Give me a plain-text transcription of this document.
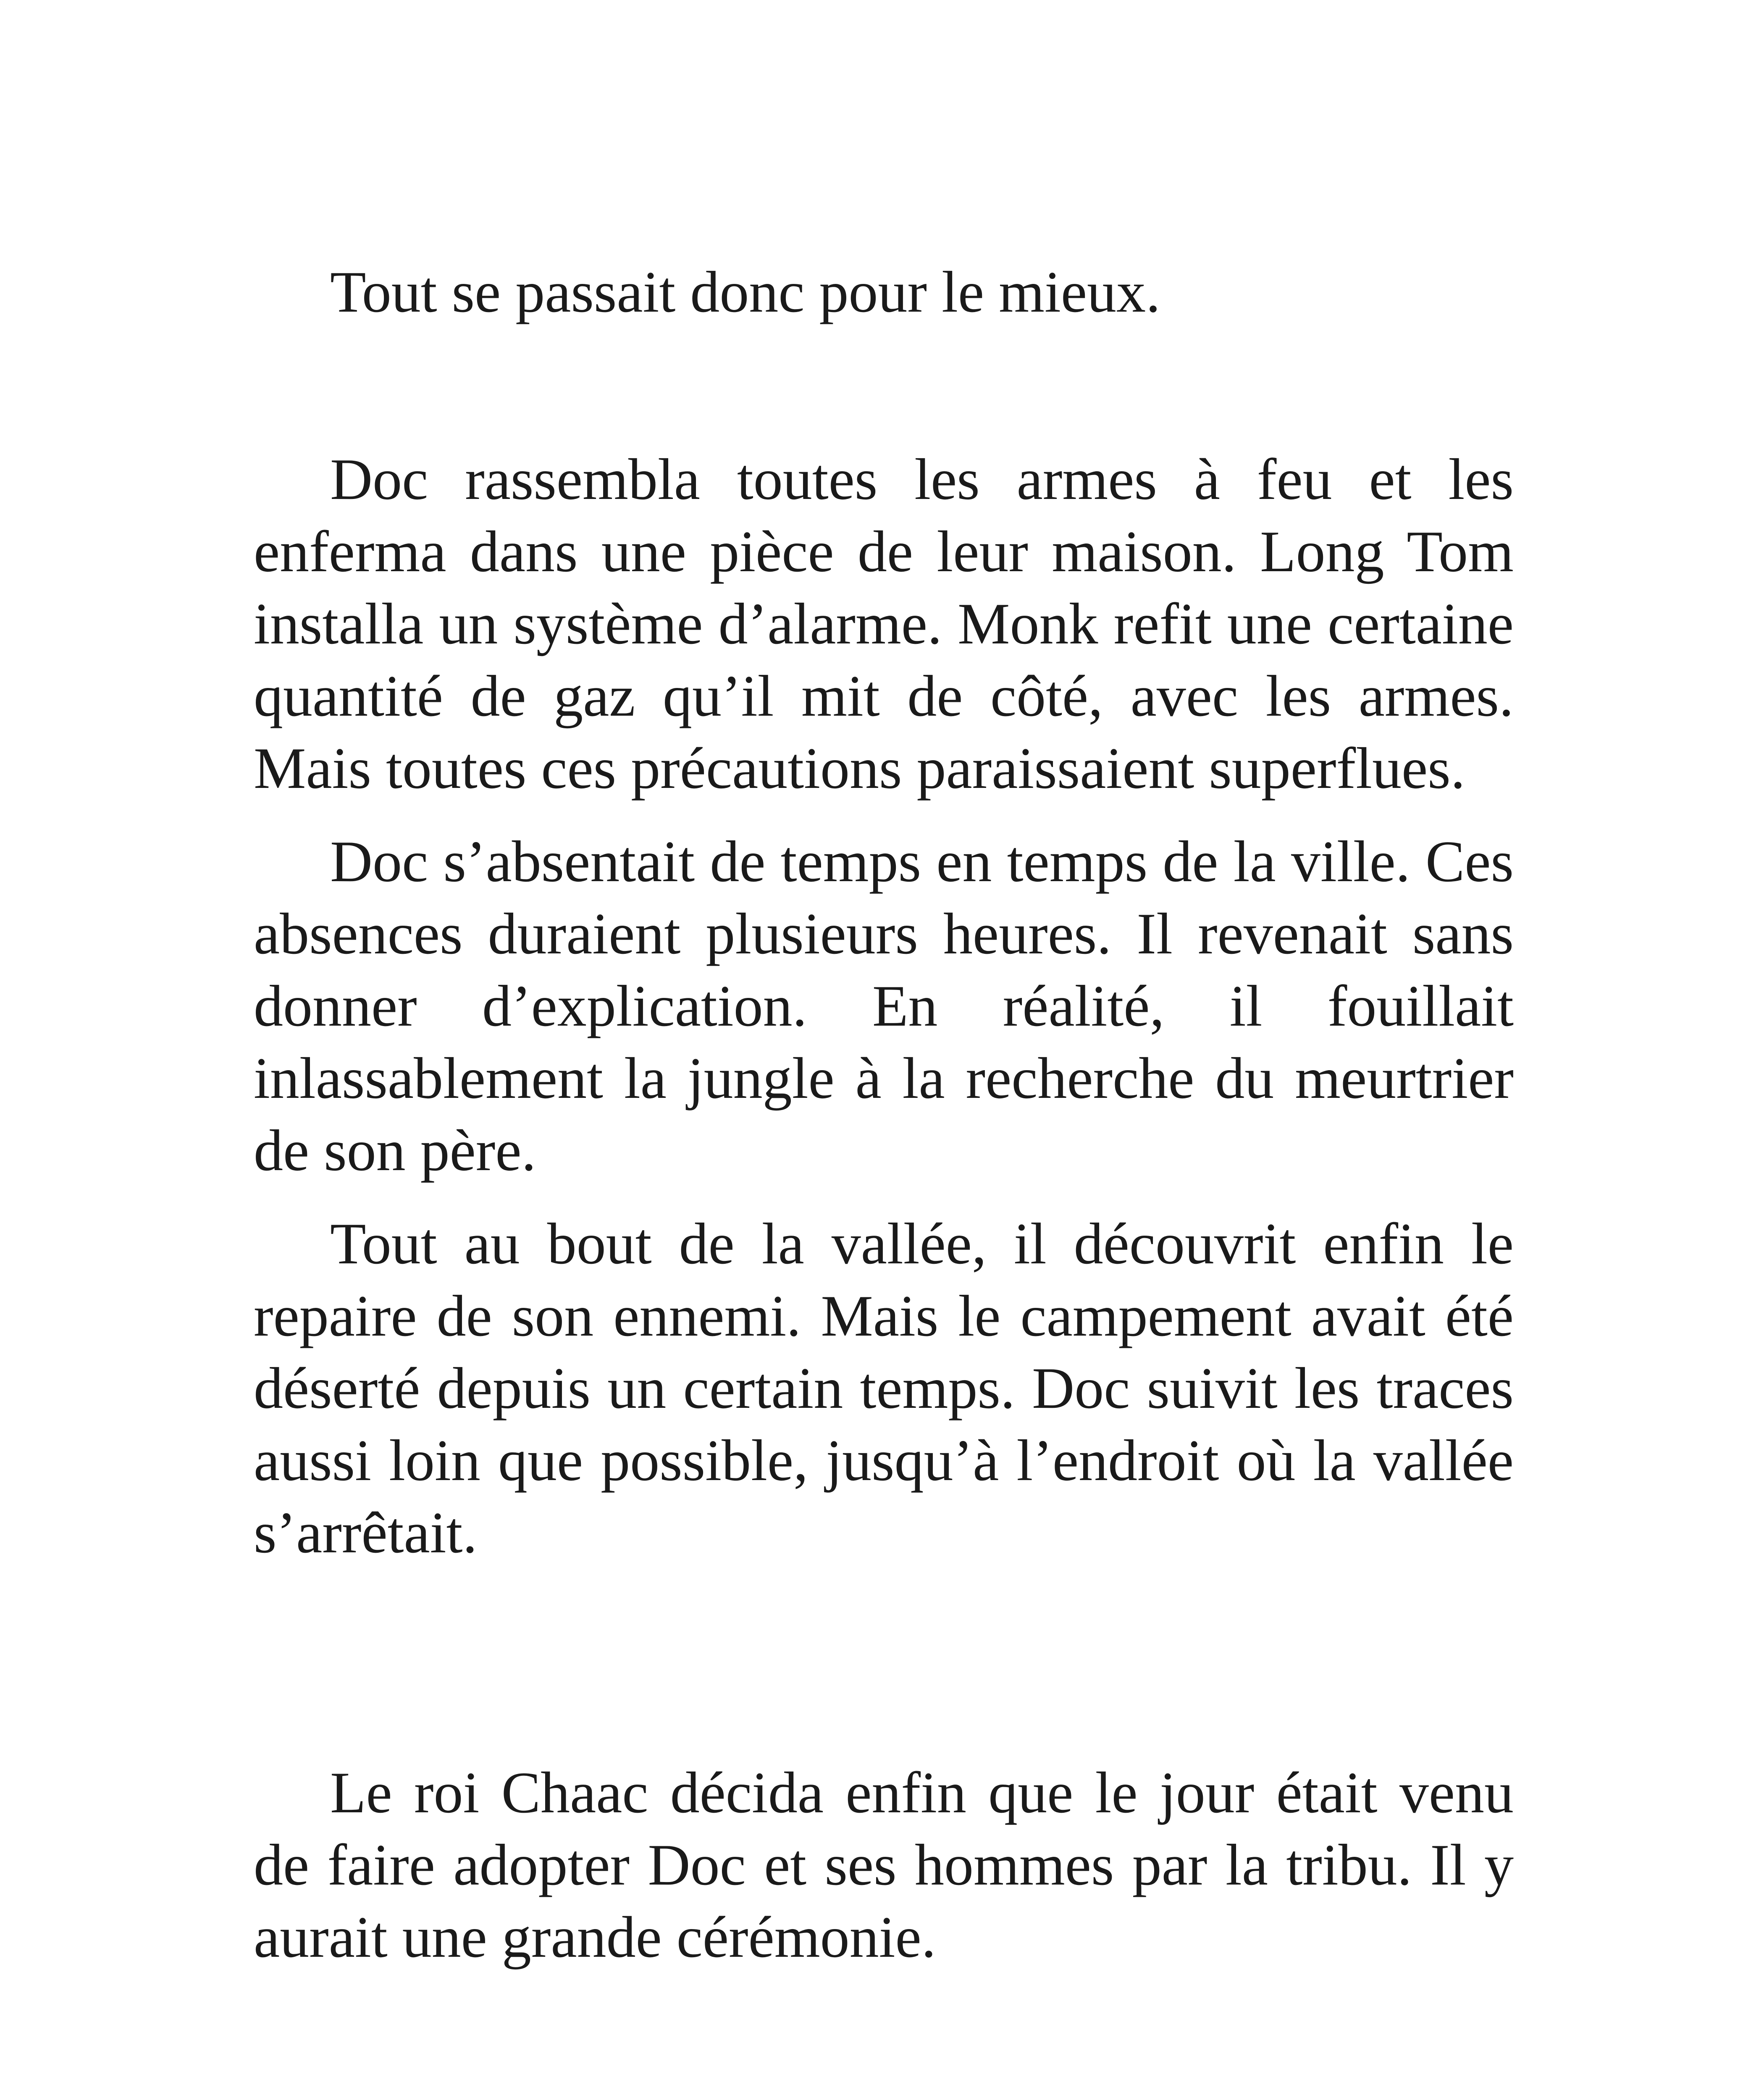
Tout se passait donc pour le mieux.

Doc rassembla toutes les armes à feu et les enferma dans une pièce de leur maison. Long Tom installa un système d’alarme. Monk refit une certaine quantité de gaz qu’il mit de côté, avec les armes. Mais toutes ces précautions paraissaient superflues.

Doc s’absentait de temps en temps de la ville. Ces absences duraient plusieurs heures. Il revenait sans donner d’explication. En réalité, il fouillait inlassablement la jungle à la recherche du meurtrier de son père.

Tout au bout de la vallée, il découvrit enfin le repaire de son ennemi. Mais le campement avait été déserté depuis un certain temps. Doc suivit les traces aussi loin que possible, jusqu’à l’endroit où la vallée s’arrêtait.

Le roi Chaac décida enfin que le jour était venu de faire adopter Doc et ses hommes par la tribu. Il y aurait une grande cérémonie.
